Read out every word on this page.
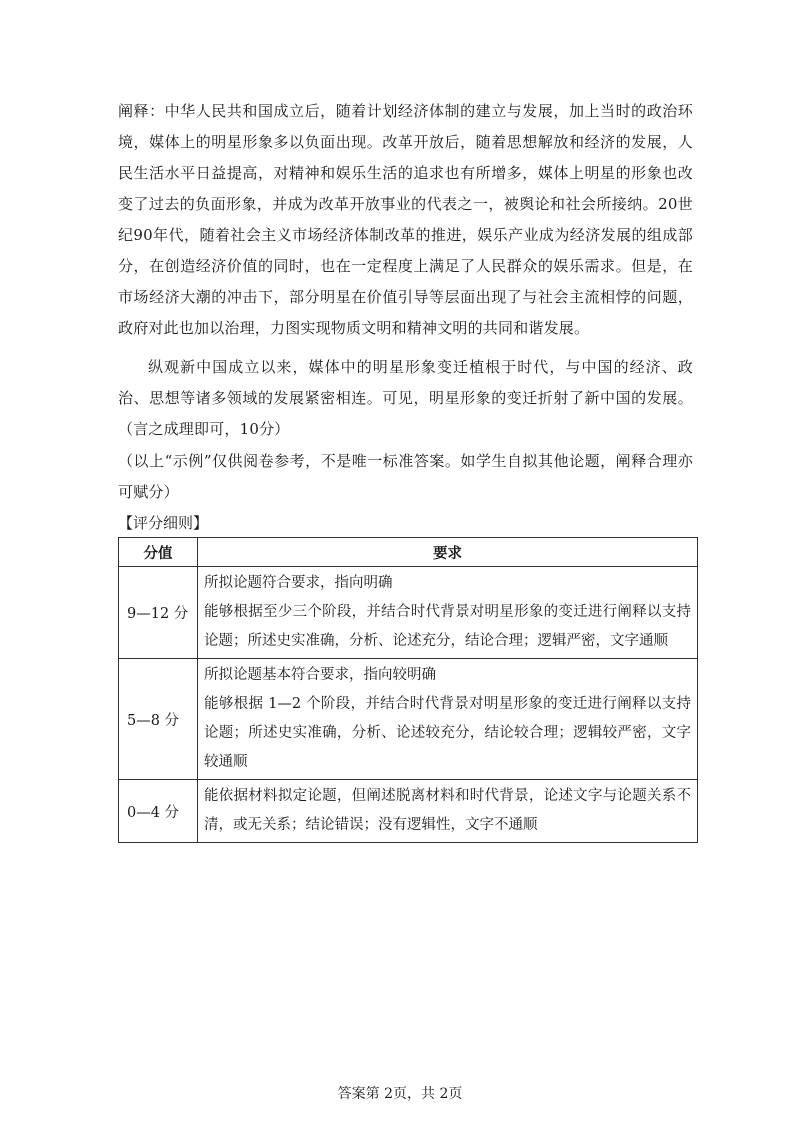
阐释：中华人民共和国成立后，随着计划经济体制的建立与发展，加上当时的政治环境，媒体上的明星形象多以负面出现。改革开放后，随着思想解放和经济的发展，人民生活水平日益提高，对精神和娱乐生活的追求也有所增多，媒体上明星的形象也改变了过去的负面形象，并成为改革开放事业的代表之一，被舆论和社会所接纳。20世纪90年代，随着社会主义市场经济体制改革的推进，娱乐产业成为经济发展的组成部分，在创造经济价值的同时，也在一定程度上满足了人民群众的娱乐需求。但是，在市场经济大潮的冲击下，部分明星在价值引导等层面出现了与社会主流相悖的问题，政府对此也加以治理，力图实现物质文明和精神文明的共同和谐发展。

纵观新中国成立以来，媒体中的明星形象变迁植根于时代，与中国的经济、政治、思想等诸多领域的发展紧密相连。可见，明星形象的变迁折射了新中国的发展。（言之成理即可，10分）

（以上“示例”仅供阅卷参考，不是唯一标准答案。如学生自拟其他论题，阐释合理亦可赋分）

【评分细则】
分值	要求
9—12 分	所拟论题符合要求，指向明确
能够根据至少三个阶段，并结合时代背景对明星形象的变迁进行阐释以支持论题；所述史实准确，分析、论述充分，结论合理；逻辑严密，文字通顺

5—8 分	所拟论题基本符合要求，指向较明确
能够根据 1—2 个阶段，并结合时代背景对明星形象的变迁进行阐释以支持论题；所述史实准确，分析、论述较充分，结论较合理；逻辑较严密，文字较通顺

0—4 分	能依据材料拟定论题，但阐述脱离材料和时代背景，论述文字与论题关系不清，或无关系；结论错误；没有逻辑性，文字不通顺
答案第 2页，共 2页
